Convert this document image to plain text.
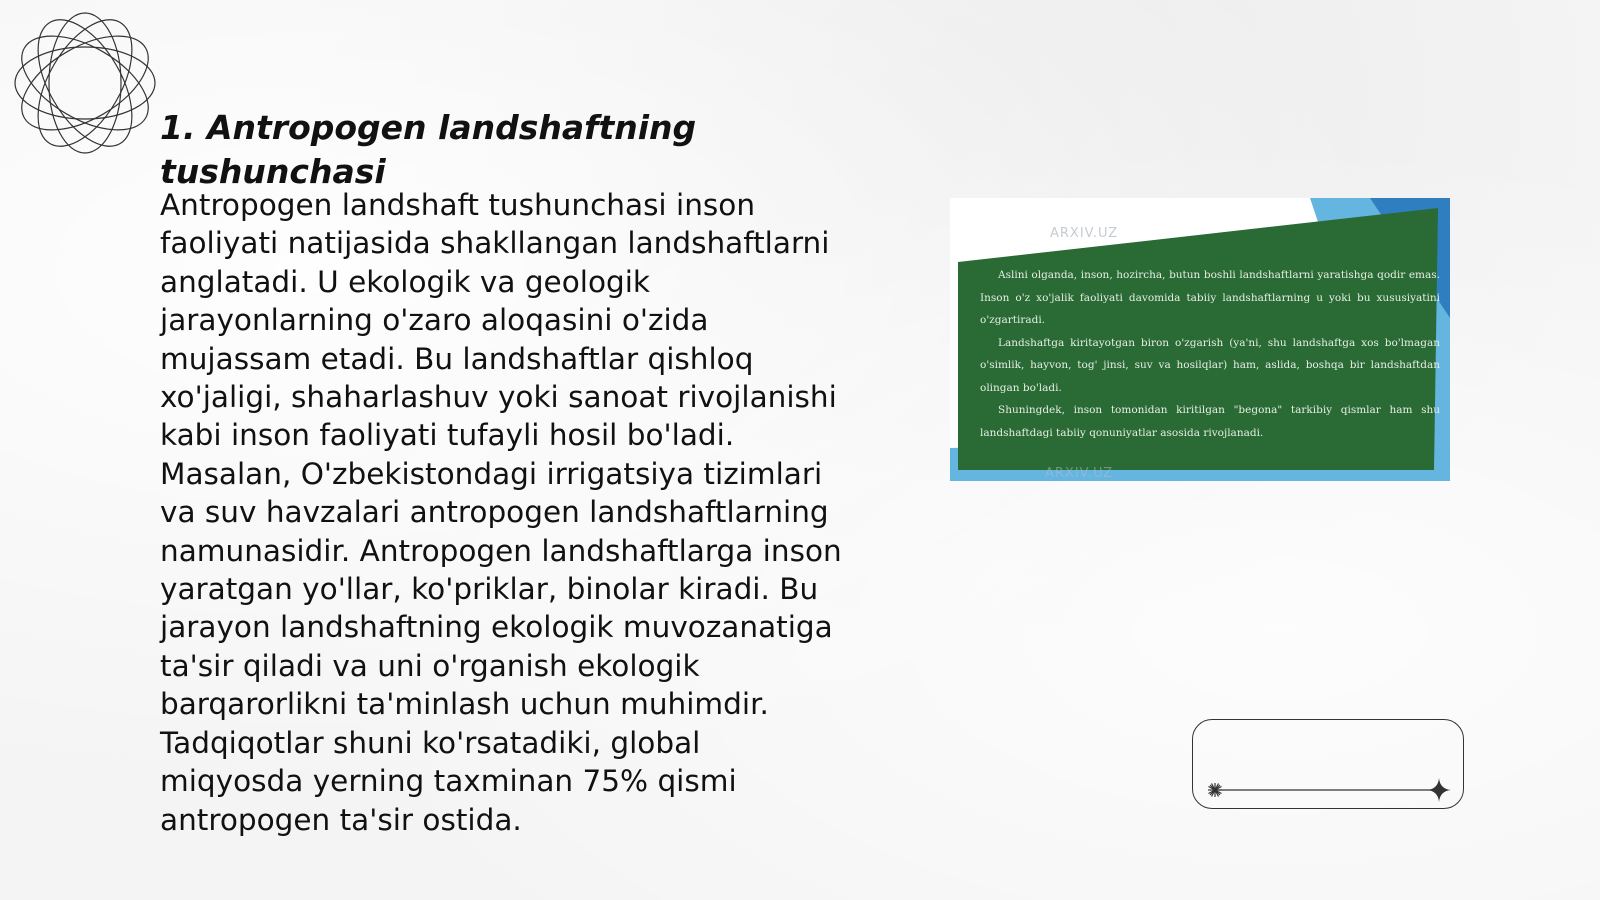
1. Antropogen landshaftning tushunchasi

Antropogen landshaft tushunchasi inson faoliyati natijasida shakllangan landshaftlarni anglatadi. U ekologik va geologik jarayonlarning o'zaro aloqasini o'zida mujassam etadi. Bu landshaftlar qishloq xo'jaligi, shaharlashuv yoki sanoat rivojlanishi kabi inson faoliyati tufayli hosil bo'ladi. Masalan, O'zbekistondagi irrigatsiya tizimlari va suv havzalari antropogen landshaftlarning namunasidir. Antropogen landshaftlarga inson yaratgan yo'llar, ko'priklar, binolar kiradi. Bu jarayon landshaftning ekologik muvozanatiga ta'sir qiladi va uni o'rganish ekologik barqarorlikni ta'minlash uchun muhimdir. Tadqiqotlar shuni ko'rsatadiki, global miqyosda yerning taxminan 75% qismi antropogen ta'sir ostida.

ARXIV.UZ

Aslini olganda, inson, hozircha, butun boshli landshaftlarni yaratishga qodir emas. Inson o'z xo'jalik faoliyati davomida tabiiy landshaftlarning u yoki bu xususiyatini o'zgartiradi.

Landshaftga kiritayotgan biron o'zgarish (ya'ni, shu landshaftga xos bo'lmagan o'simlik, hayvon, tog' jinsi, suv va hosilqlar) ham, aslida, boshqa bir landshaftdan olingan bo'ladi.

Shuningdek, inson tomonidan kiritilgan "begona" tarkibiy qismlar ham shu landshaftdagi tabiiy qonuniyatlar asosida rivojlanadi.

ARXIV.UZ
